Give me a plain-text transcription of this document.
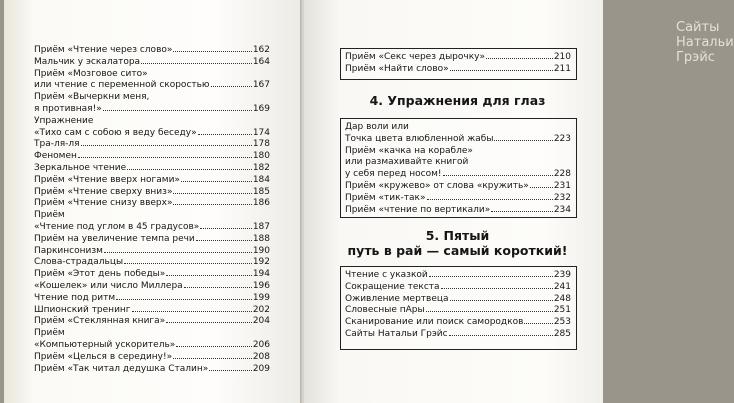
Приём «Чтение через слово»	162
Мальчик у эскалатора	164
Приём «Мозговое сито»
или чтение с переменной скоростью	167
Приём «Вычеркни меня,
я противная!»	169
Упражнение
«Тихо сам с собою я веду беседу»	174
Тра-ля-ля	178
Феномен	180
Зеркальное чтение	182
Приём «Чтение вверх ногами»	184
Приём «Чтение сверху вниз»	185
Приём «Чтение снизу вверх»	186
Приём
«Чтение под углом в 45 градусов»	187
Приём на увеличение темпа речи	188
Паркинсонизм	190
Слова-страдальцы	192
Приём «Этот день победы»	194
«Кошелек» или число Миллера	196
Чтение под ритм	199
Шпионский тренинг	202
Приём «Стеклянная книга»	204
Приём
«Компьютерный ускоритель»	206
Приём «Целься в середину!»	208
Приём «Так читал дедушка Сталин»	209
Сайты Натальи Грэйс
Приём «Секс через дырочку»	210
Приём «Найти слово»	211
4. Упражнения для глаз
Дар воли или
Точка цвета влюбленной жабы	223
Приём «качка на корабле»
или размахивайте книгой
у себя перед носом!	228
Приём «кружево» от слова «кружить»	231
Приём «тик-так»	232
Приём «чтение по вертикали»	234
5. Пятый
путь в рай — самый короткий!
Чтение с указкой	239
Сокращение текста	241
Оживление мертвеца	248
Словесные пАры	251
Сканирование или поиск самородков	253
Сайты Натальи Грэйс	285
